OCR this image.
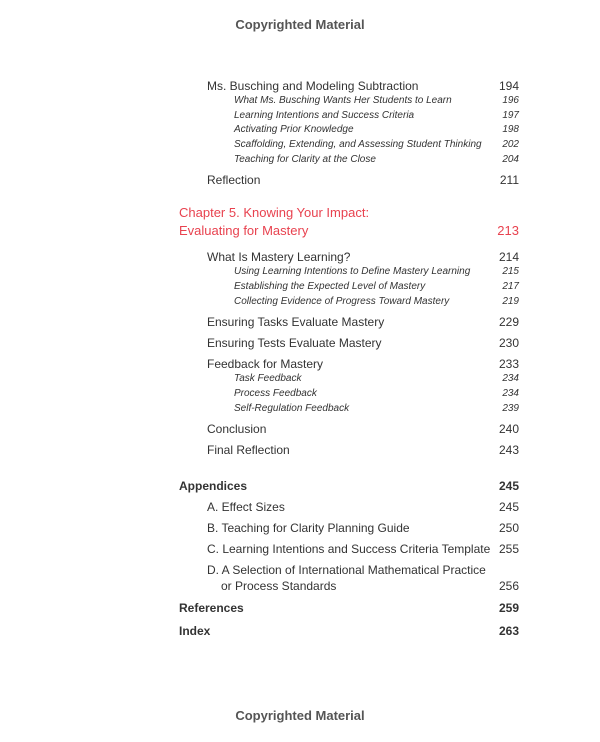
Copyrighted Material
Ms. Busching and Modeling Subtraction	194
What Ms. Busching Wants Her Students to Learn	196
Learning Intentions and Success Criteria	197
Activating Prior Knowledge	198
Scaffolding, Extending, and Assessing Student Thinking 202
Teaching for Clarity at the Close	204
Reflection	211
Chapter 5. Knowing Your Impact:
Evaluating for Mastery	213
What Is Mastery Learning?	214
Using Learning Intentions to Define Mastery Learning	215
Establishing the Expected Level of Mastery	217
Collecting Evidence of Progress Toward Mastery	219
Ensuring Tasks Evaluate Mastery	229
Ensuring Tests Evaluate Mastery	230
Feedback for Mastery	233
Task Feedback	234
Process Feedback	234
Self-Regulation Feedback	239
Conclusion	240
Final Reflection	243
Appendices	245
A. Effect Sizes	245
B. Teaching for Clarity Planning Guide	250
C. Learning Intentions and Success Criteria Template 255
D. A Selection of International Mathematical Practice
or Process Standards	256
References	259
Index	263
Copyrighted Material
